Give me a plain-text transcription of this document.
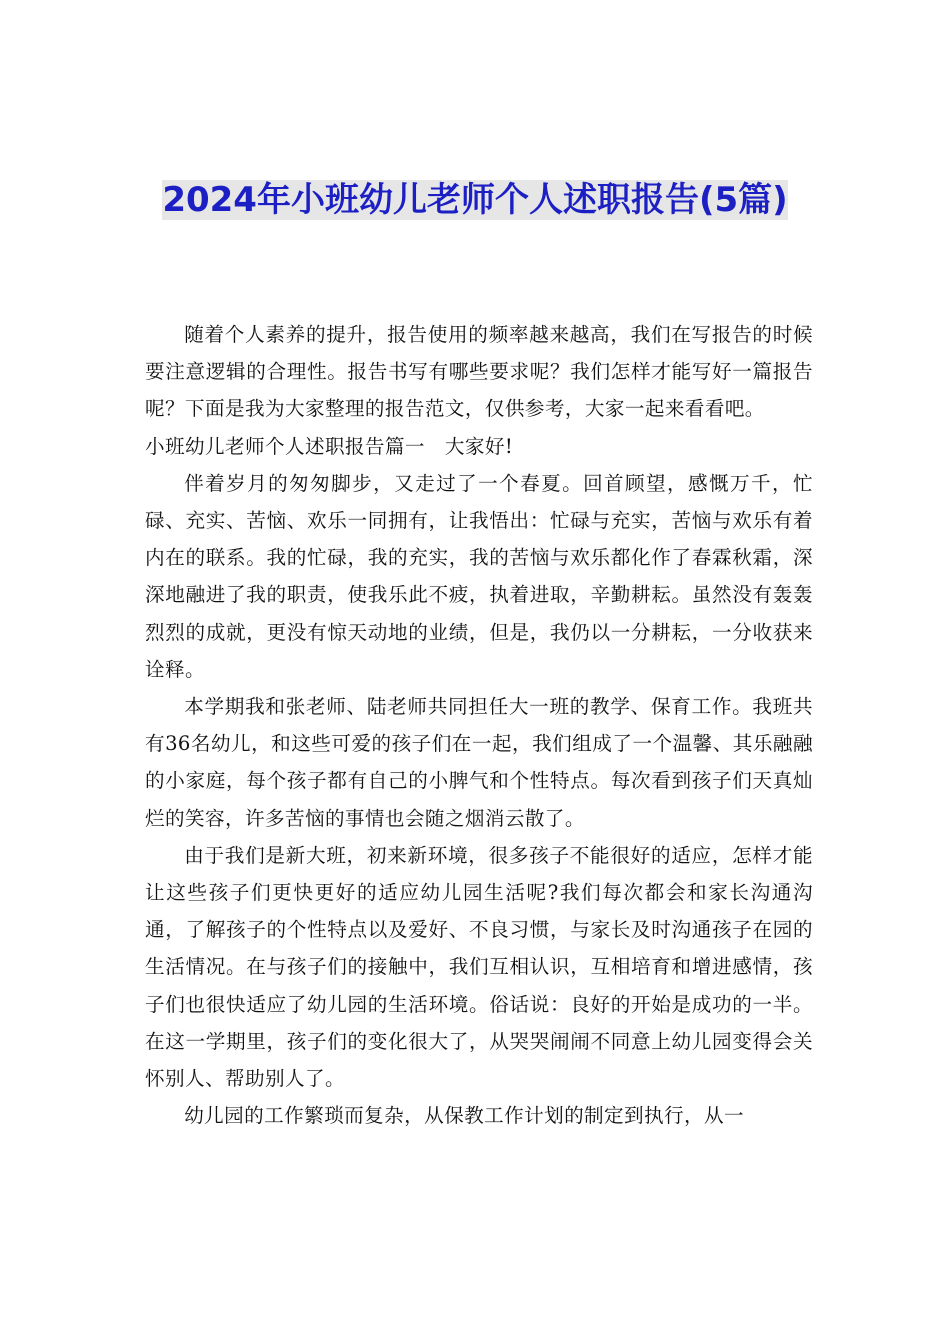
2024年小班幼儿老师个人述职报告(5篇)

随着个人素养的提升，报告使用的频率越来越高，我们在写报告的时候要注意逻辑的合理性。报告书写有哪些要求呢？我们怎样才能写好一篇报告呢？下面是我为大家整理的报告范文，仅供参考，大家一起来看看吧。

小班幼儿老师个人述职报告篇一　大家好!

伴着岁月的匆匆脚步，又走过了一个春夏。回首顾望，感慨万千，忙碌、充实、苦恼、欢乐一同拥有，让我悟出：忙碌与充实，苦恼与欢乐有着内在的联系。我的忙碌，我的充实，我的苦恼与欢乐都化作了春霖秋霜，深深地融进了我的职责，使我乐此不疲，执着进取，辛勤耕耘。虽然没有轰轰烈烈的成就，更没有惊天动地的业绩，但是，我仍以一分耕耘，一分收获来诠释。

本学期我和张老师、陆老师共同担任大一班的教学、保育工作。我班共有36名幼儿，和这些可爱的孩子们在一起，我们组成了一个温馨、其乐融融的小家庭，每个孩子都有自己的小脾气和个性特点。每次看到孩子们天真灿烂的笑容，许多苦恼的事情也会随之烟消云散了。

由于我们是新大班，初来新环境，很多孩子不能很好的适应，怎样才能让这些孩子们更快更好的适应幼儿园生活呢?我们每次都会和家长沟通沟通，了解孩子的个性特点以及爱好、不良习惯，与家长及时沟通孩子在园的生活情况。在与孩子们的接触中，我们互相认识，互相培育和增进感情，孩子们也很快适应了幼儿园的生活环境。俗话说：良好的开始是成功的一半。在这一学期里，孩子们的变化很大了，从哭哭闹闹不同意上幼儿园变得会关怀别人、帮助别人了。

幼儿园的工作繁琐而复杂，从保教工作计划的制定到执行，从一
